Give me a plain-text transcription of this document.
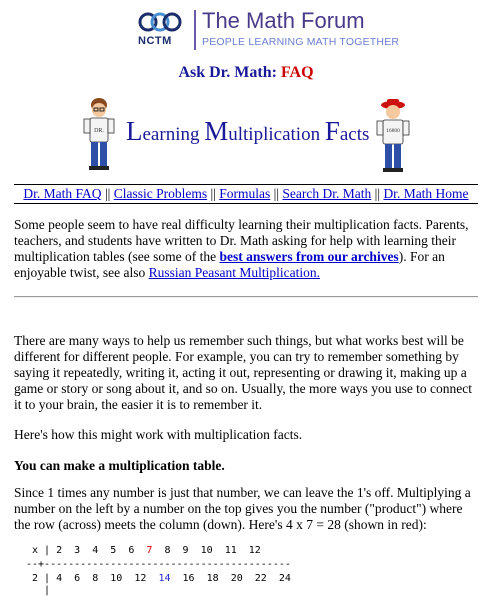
NCTM
The Math Forum
PEOPLE LEARNING MATH TOGETHER
Ask Dr. Math: FAQ
DR. Learning Multiplication Facts	16800
Dr. Math FAQ || Classic Problems || Formulas || Search Dr. Math || Dr. Math Home
Some people seem to have real difficulty learning their multiplication facts. Parents, teachers, and students have written to Dr. Math asking for help with learning their multiplication tables (see some of the best answers from our archives). For an enjoyable twist, see also Russian Peasant Multiplication.
There are many ways to help us remember such things, but what works best will be different for different people. For example, you can try to remember something by saying it repeatedly, writing it, acting it out, representing or drawing it, making up a game or story or song about it, and so on. Usually, the more ways you use to connect it to your brain, the easier it is to remember it.
Here's how this might work with multiplication facts.
You can make a multiplication table.
Since 1 times any number is just that number, we can leave the 1's off. Multiplying a number on the left by a number on the top gives you the number ("product") where the row (across) meets the column (down). Here's 4 x 7 = 28 (shown in red):
x | 2  3  4  5  6  7  8  9  10  11  12
--+-----------------------------------------
2 | 4  6  8  10  12  14  16  18  20  22  24
|
